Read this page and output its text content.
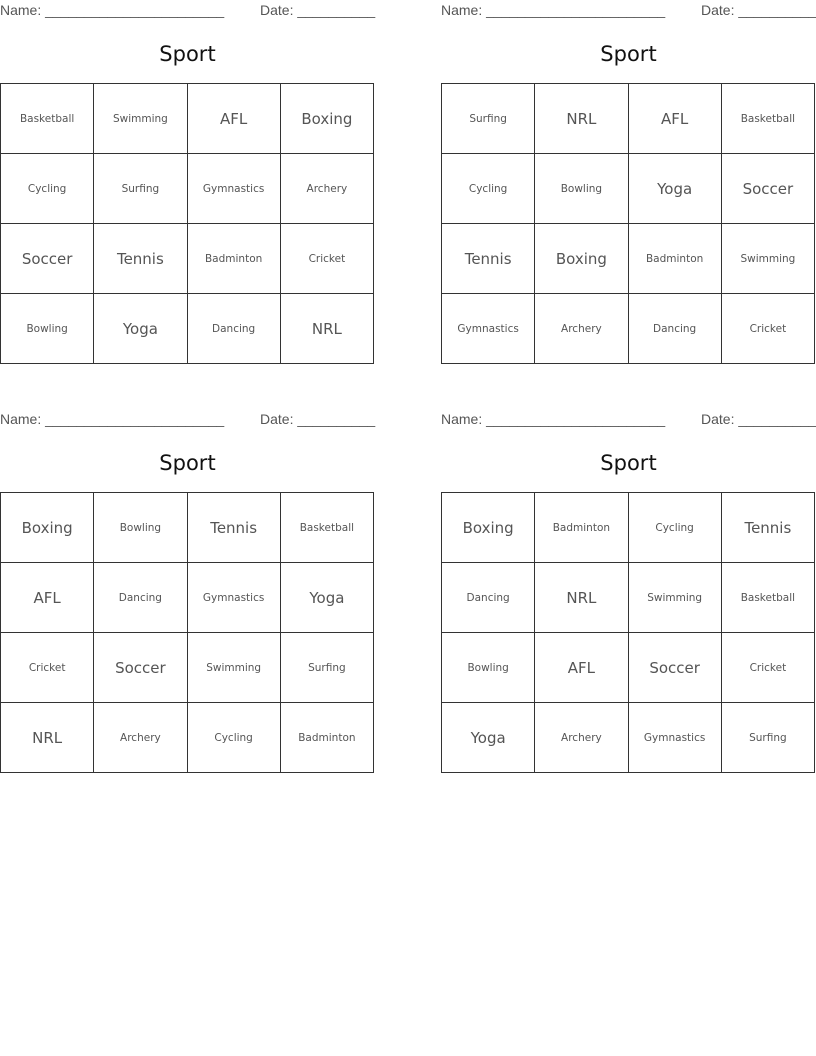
Name: _______________________	Date: __________
Sport
Basketball	Swimming	AFL	Boxing
Cycling	Surfing	Gymnastics	Archery
Soccer	Tennis	Badminton	Cricket
Bowling	Yoga	Dancing	NRL
Name: _______________________	Date: __________
Sport
Surfing	NRL	AFL	Basketball
Cycling	Bowling	Yoga	Soccer
Tennis	Boxing	Badminton	Swimming
Gymnastics	Archery	Dancing	Cricket
Name: _______________________	Date: __________
Sport
Boxing	Bowling	Tennis	Basketball
AFL	Dancing	Gymnastics	Yoga
Cricket	Soccer	Swimming	Surfing
NRL	Archery	Cycling	Badminton
Name: _______________________	Date: __________
Sport
Boxing	Badminton	Cycling	Tennis
Dancing	NRL	Swimming	Basketball
Bowling	AFL	Soccer	Cricket
Yoga	Archery	Gymnastics	Surfing
